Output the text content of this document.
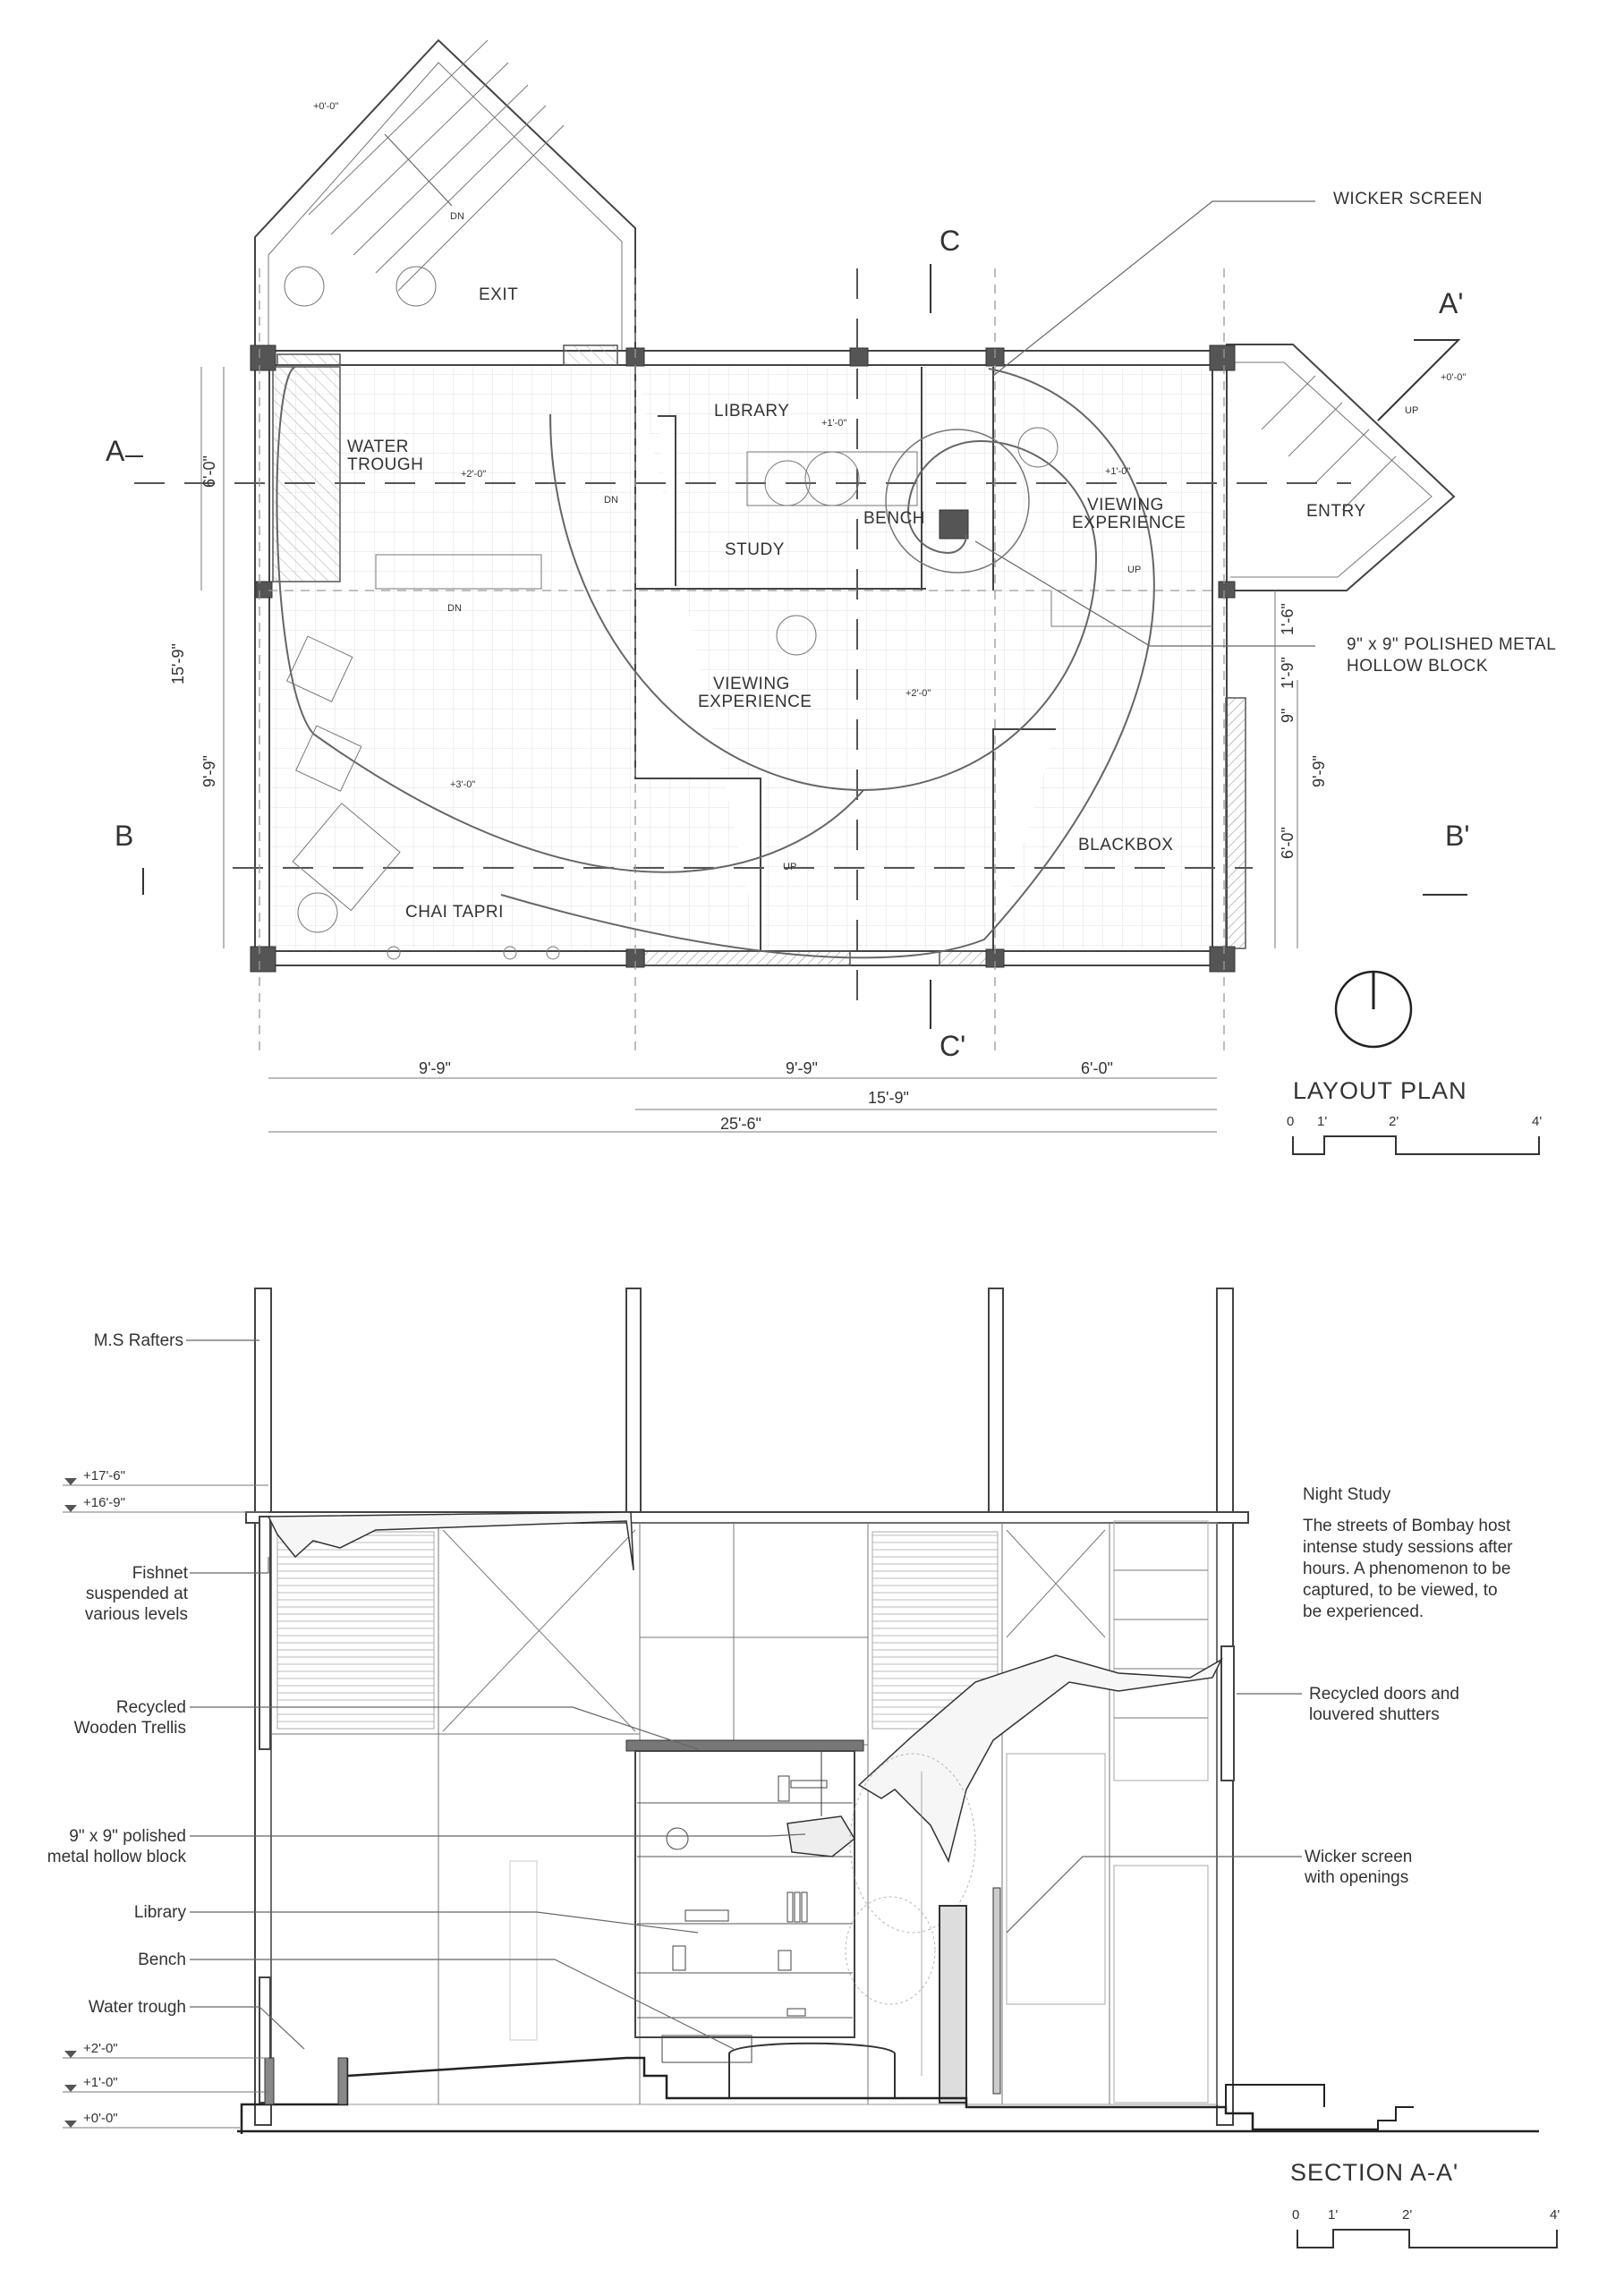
EXIT
WATER
TROUGH
LIBRARY
STUDY
BENCH
VIEWING
EXPERIENCE
ENTRY
VIEWING
EXPERIENCE
BLACKBOX
CHAI TAPRI
+0'-0"
+0'-0"
+1'-0"
+2'-0"	+1'-0"
+2'-0"
+3'-0"
DN
DN
DN
UP
UP
UP
A
A'
B	B'
C
C'
WICKER SCREEN
9" x 9" POLISHED METAL
HOLLOW BLOCK
6'-0"
15'-9"
9'-9"
1'-6"
1'-9"
9"
9'-9"
6'-0"
9'-9"	9'-9"	6'-0"
15'-9"
25'-6"
LAYOUT PLAN
0 1'	2'	4'
SECTION A-A'
0 1'	2'	4'
+17'-6"
+16'-9"
+2'-0"
+1'-0"
+0'-0"
M.S Rafters
Fishnet
suspended at
various levels
Recycled
Wooden Trellis
9" x 9" polished
metal hollow block
Library
Bench
Water trough
Night Study
The streets of Bombay host
intense study sessions after
hours. A phenomenon to be
captured, to be viewed, to
be experienced.
Recycled doors and
louvered shutters
Wicker screen
with openings
